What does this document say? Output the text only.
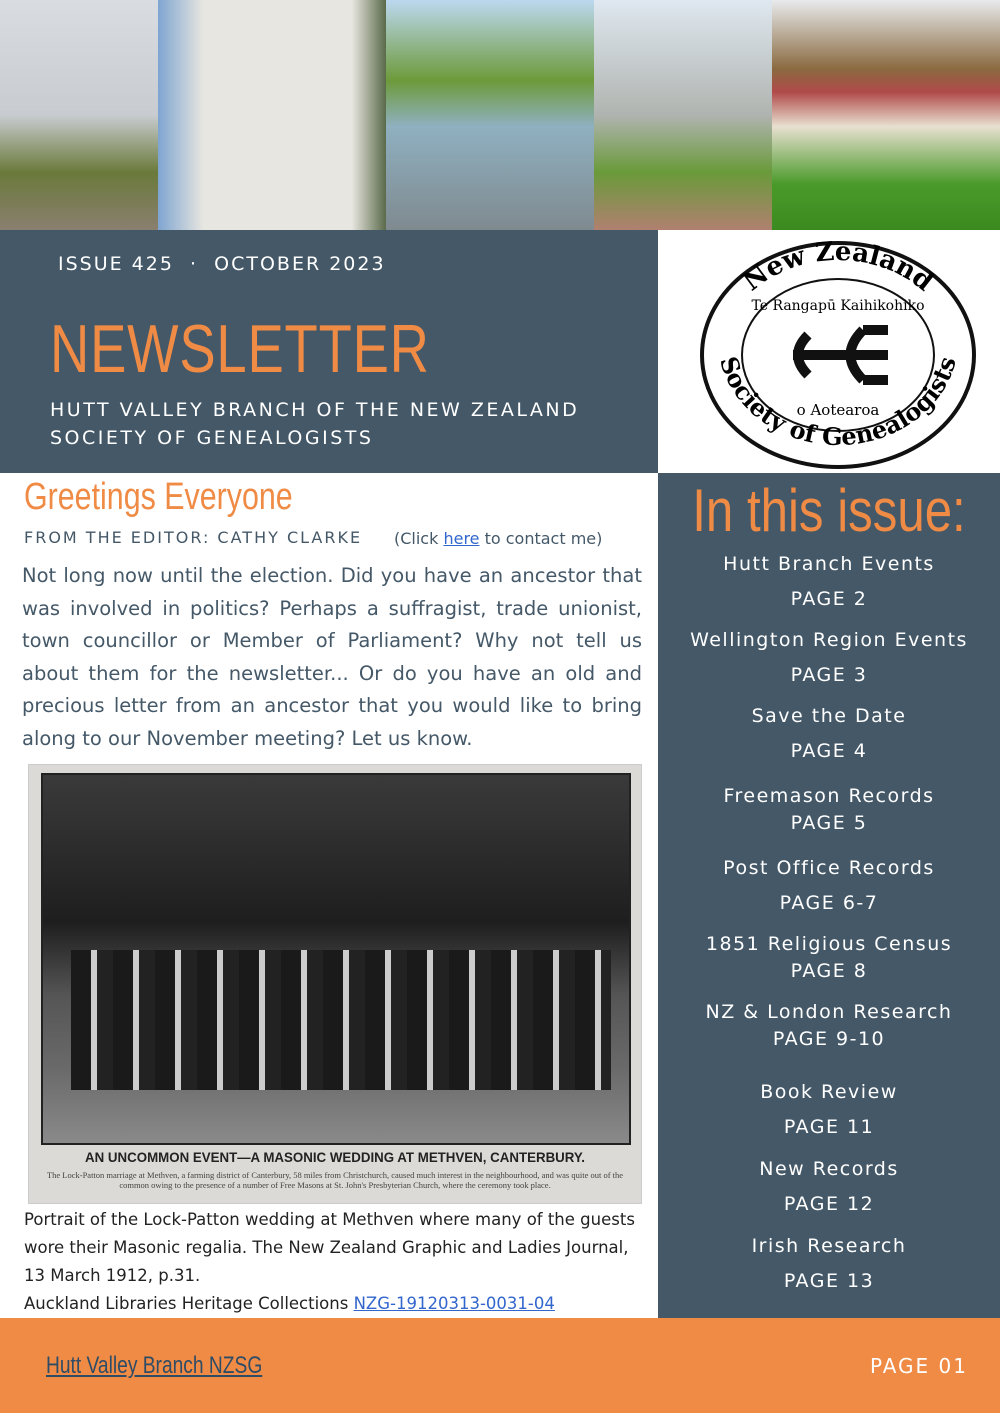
ISSUE 425  ·  OCTOBER 2023
NEWSLETTER
HUTT VALLEY BRANCH OF THE NEW ZEALAND
SOCIETY OF GENEALOGISTS
New Zealand
Society of Genealogists
Te Rangapū Kaihikohiko
o Aotearoa
Greetings Everyone
FROM THE EDITOR: CATHY CLARKE (Click here to contact me)
Not long now until the election. Did you have an ancestor that was involved in politics? Perhaps a suffragist, trade unionist, town councillor or Member of Parliament? Why not tell us about them for the newsletter... Or do you have an old and precious letter from an ancestor that you would like to bring along to our November meeting? Let us know.
AN UNCOMMON EVENT—A MASONIC WEDDING AT METHVEN, CANTERBURY.
The Lock-Patton marriage at Methven, a farming district of Canterbury, 58 miles from Christchurch, caused much interest in the neighbourhood, and was quite out of the common owing to the presence of a number of Free Masons at St. John's Presbyterian Church, where the ceremony took place.
Portrait of the Lock-Patton wedding at Methven where many of the guests wore their Masonic regalia. The New Zealand Graphic and Ladies Journal, 13 March 1912, p.31.
Auckland Libraries Heritage Collections NZG-19120313-0031-04
In this issue:
Hutt Branch Events
PAGE 2
Wellington Region Events
PAGE 3
Save the Date
PAGE 4
Freemason Records
PAGE 5
Post Office Records
PAGE 6-7
1851 Religious Census
PAGE 8
NZ & London Research
PAGE 9-10
Book Review
PAGE 11
New Records
PAGE 12
Irish Research
PAGE 13
Hutt Valley Branch NZSG	PAGE 01
